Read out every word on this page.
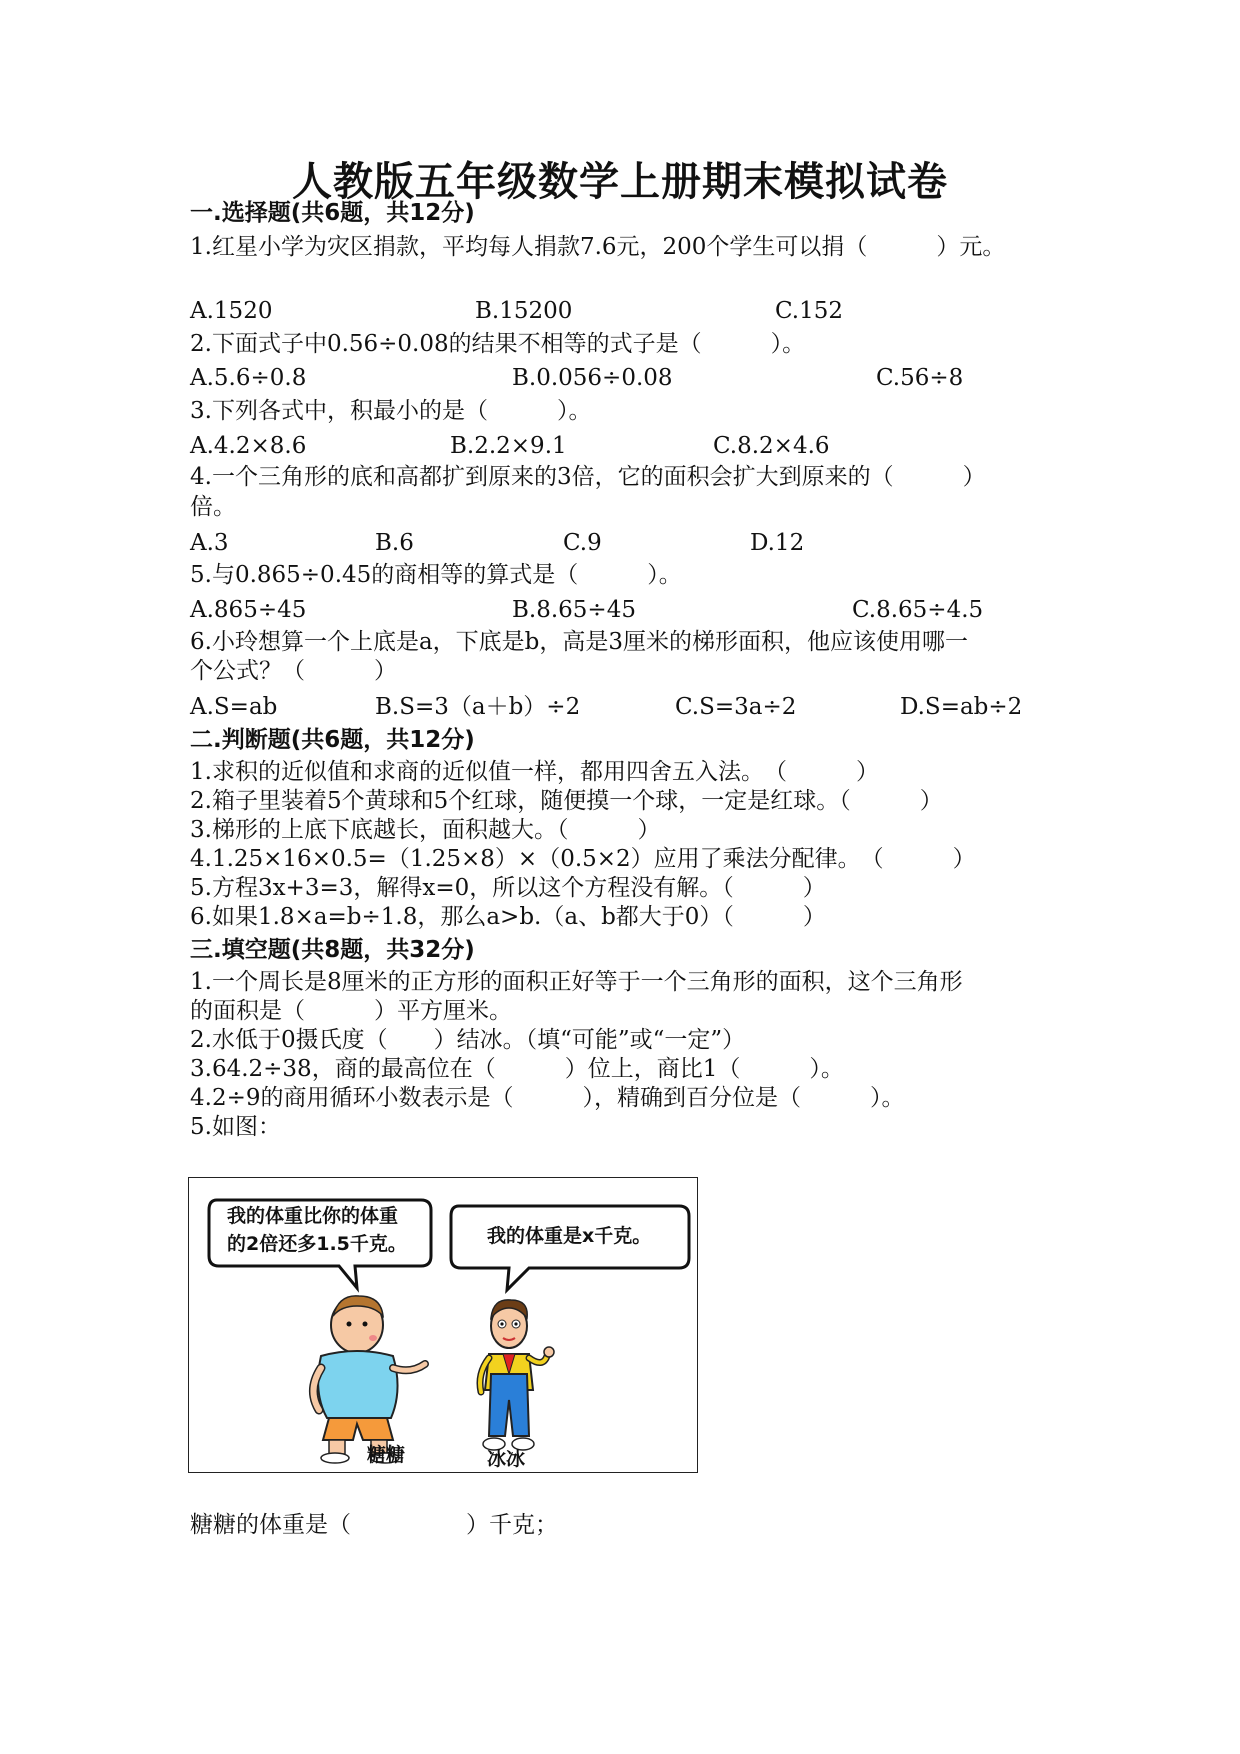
人教版五年级数学上册期末模拟试卷
一.选择题(共6题，共12分)
1.红星小学为灾区捐款，平均每人捐款7.6元，200个学生可以捐（　　　）元。
A.1520	B.15200	C.152
2.下面式子中0.56÷0.08的结果不相等的式子是（　　　）。
A.5.6÷0.8	B.0.056÷0.08	C.56÷8
3.下列各式中，积最小的是（　　　）。
A.4.2×8.6	B.2.2×9.1	C.8.2×4.6
4.一个三角形的底和高都扩到原来的3倍，它的面积会扩大到原来的（　　　）
倍。
A.3	B.6	C.9	D.12
5.与0.865÷0.45的商相等的算式是（　　　）。
A.865÷45	B.8.65÷45	C.8.65÷4.5
6.小玲想算一个上底是a，下底是b，高是3厘米的梯形面积，他应该使用哪一
个公式？（　　　）
A.S=ab	B.S=3（a＋b）÷2	C.S=3a÷2	D.S=ab÷2
二.判断题(共6题，共12分)
1.求积的近似值和求商的近似值一样，都用四舍五入法。　（　　　）
2.箱子里装着5个黄球和5个红球，随便摸一个球，一定是红球。（　　　）
3.梯形的上底下底越长，面积越大。（　　　）
4.1.25×16×0.5=（1.25×8）×（0.5×2）应用了乘法分配律。　（　　　）
5.方程3x+3=3，解得x=0，所以这个方程没有解。（　　　）
6.如果1.8×a=b÷1.8，那么a>b.（a、b都大于0）（　　　）
三.填空题(共8题，共32分)
1.一个周长是8厘米的正方形的面积正好等于一个三角形的面积，这个三角形
的面积是（　　　）平方厘米。
2.水低于0摄氏度（　　）结冰。（填“可能”或“一定”）
3.64.2÷38，商的最高位在（　　　）位上，商比1（　　　）。
4.2÷9的商用循环小数表示是（　　　），精确到百分位是（　　　）。
5.如图：
我的体重比你的体重
的2倍还多1.5千克。	我的体重是x千克。
糖糖	冰冰
糖糖的体重是（　　　　　）千克；
